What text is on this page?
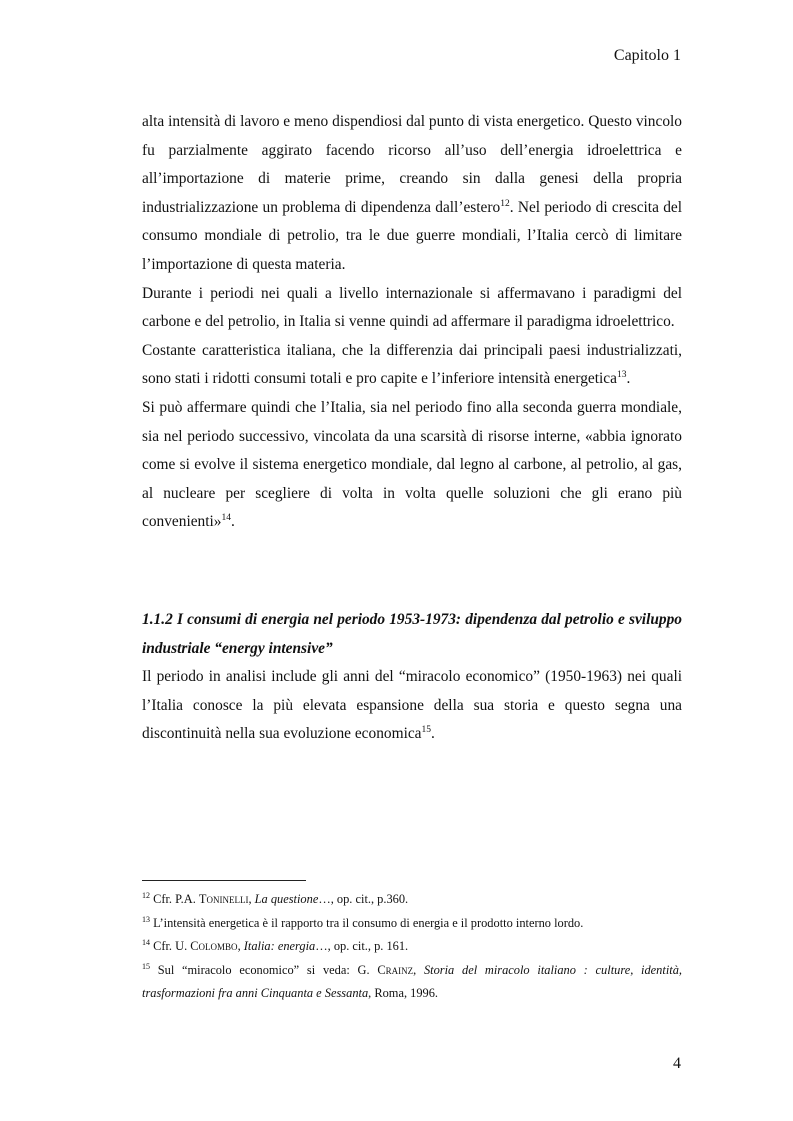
Capitolo 1

alta intensità di lavoro e meno dispendiosi dal punto di vista energetico. Questo vincolo fu parzialmente aggirato facendo ricorso all’uso dell’energia idroelettrica e all’importazione di materie prime, creando sin dalla genesi della propria industrializzazione un problema di dipendenza dall’estero$^{12}$. Nel periodo di crescita del consumo mondiale di petrolio, tra le due guerre mondiali, l’Italia cercò di limitare l’importazione di questa materia.

Durante i periodi nei quali a livello internazionale si affermavano i paradigmi del carbone e del petrolio, in Italia si venne quindi ad affermare il paradigma idroelettrico.

Costante caratteristica italiana, che la differenzia dai principali paesi industrializzati, sono stati i ridotti consumi totali e pro capite e l’inferiore intensità energetica$^{13}$.

Si può affermare quindi che l’Italia, sia nel periodo fino alla seconda guerra mondiale, sia nel periodo successivo, vincolata da una scarsità di risorse interne, «abbia ignorato come si evolve il sistema energetico mondiale, dal legno al carbone, al petrolio, al gas, al nucleare per scegliere di volta in volta quelle soluzioni che gli erano più convenienti»$^{14}$.

1.1.2 I consumi di energia nel periodo 1953-1973: dipendenza dal petrolio e sviluppo industriale “energy intensive”

Il periodo in analisi include gli anni del “miracolo economico” (1950-1963) nei quali l’Italia conosce la più elevata espansione della sua storia e questo segna una discontinuità nella sua evoluzione economica$^{15}$.

$^{12}$ Cfr. P.A. Toninelli, La questione…, op. cit., p.360.

$^{13}$ L’intensità energetica è il rapporto tra il consumo di energia e il prodotto interno lordo.

$^{14}$ Cfr. U. Colombo, Italia: energia…, op. cit., p. 161.

$^{15}$ Sul “miracolo economico” si veda: G. Crainz, Storia del miracolo italiano : culture, identità, trasformazioni fra anni Cinquanta e Sessanta, Roma, 1996.

4
